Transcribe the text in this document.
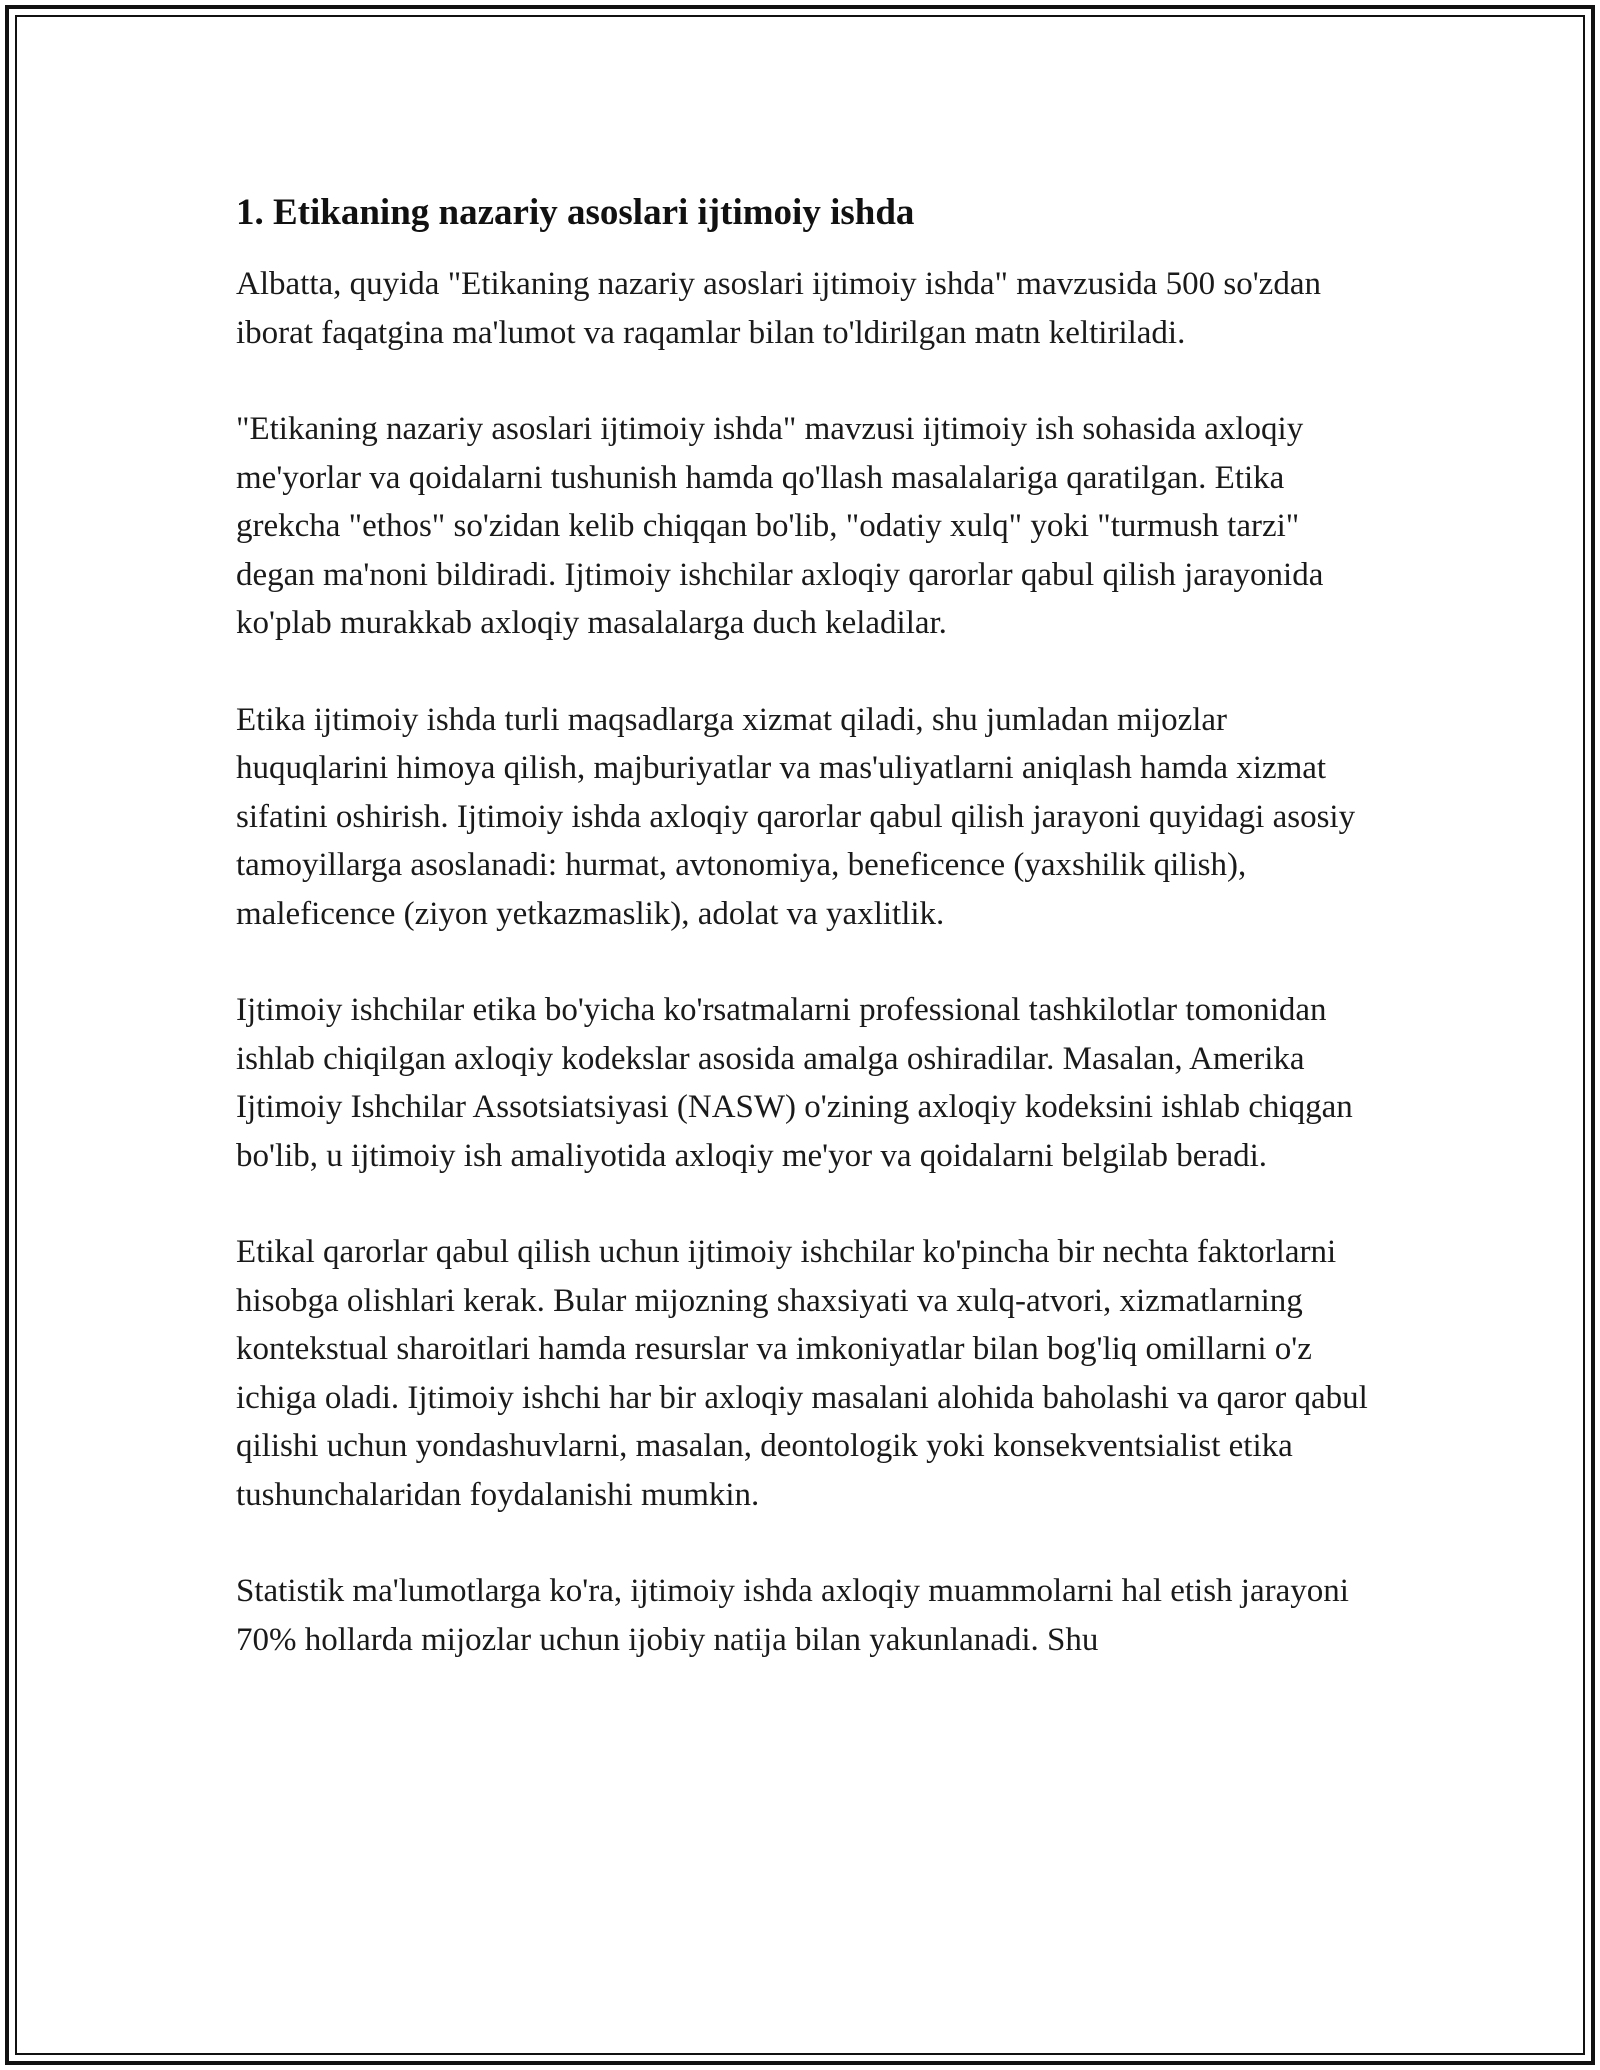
1. Etikaning nazariy asoslari ijtimoiy ishda

Albatta, quyida "Etikaning nazariy asoslari ijtimoiy ishda" mavzusida 500 so'zdan iborat faqatgina ma'lumot va raqamlar bilan to'ldirilgan matn keltiriladi.

"Etikaning nazariy asoslari ijtimoiy ishda" mavzusi ijtimoiy ish sohasida axloqiy me'yorlar va qoidalarni tushunish hamda qo'llash masalalariga qaratilgan. Etika grekcha "ethos" so'zidan kelib chiqqan bo'lib, "odatiy xulq" yoki "turmush tarzi" degan ma'noni bildiradi. Ijtimoiy ishchilar axloqiy qarorlar qabul qilish jarayonida ko'plab murakkab axloqiy masalalarga duch keladilar.

Etika ijtimoiy ishda turli maqsadlarga xizmat qiladi, shu jumladan mijozlar huquqlarini himoya qilish, majburiyatlar va mas'uliyatlarni aniqlash hamda xizmat sifatini oshirish. Ijtimoiy ishda axloqiy qarorlar qabul qilish jarayoni quyidagi asosiy tamoyillarga asoslanadi: hurmat, avtonomiya, beneficence (yaxshilik qilish), maleficence (ziyon yetkazmaslik), adolat va yaxlitlik.

Ijtimoiy ishchilar etika bo'yicha ko'rsatmalarni professional tashkilotlar tomonidan ishlab chiqilgan axloqiy kodekslar asosida amalga oshiradilar. Masalan, Amerika Ijtimoiy Ishchilar Assotsiatsiyasi (NASW) o'zining axloqiy kodeksini ishlab chiqgan bo'lib, u ijtimoiy ish amaliyotida axloqiy me'yor va qoidalarni belgilab beradi.

Etikal qarorlar qabul qilish uchun ijtimoiy ishchilar ko'pincha bir nechta faktorlarni hisobga olishlari kerak. Bular mijozning shaxsiyati va xulq-atvori, xizmatlarning kontekstual sharoitlari hamda resurslar va imkoniyatlar bilan bog'liq omillarni o'z ichiga oladi. Ijtimoiy ishchi har bir axloqiy masalani alohida baholashi va qaror qabul qilishi uchun yondashuvlarni, masalan, deontologik yoki konsekventsialist etika tushunchalaridan foydalanishi mumkin.

Statistik ma'lumotlarga ko'ra, ijtimoiy ishda axloqiy muammolarni hal etish jarayoni 70% hollarda mijozlar uchun ijobiy natija bilan yakunlanadi. Shu
